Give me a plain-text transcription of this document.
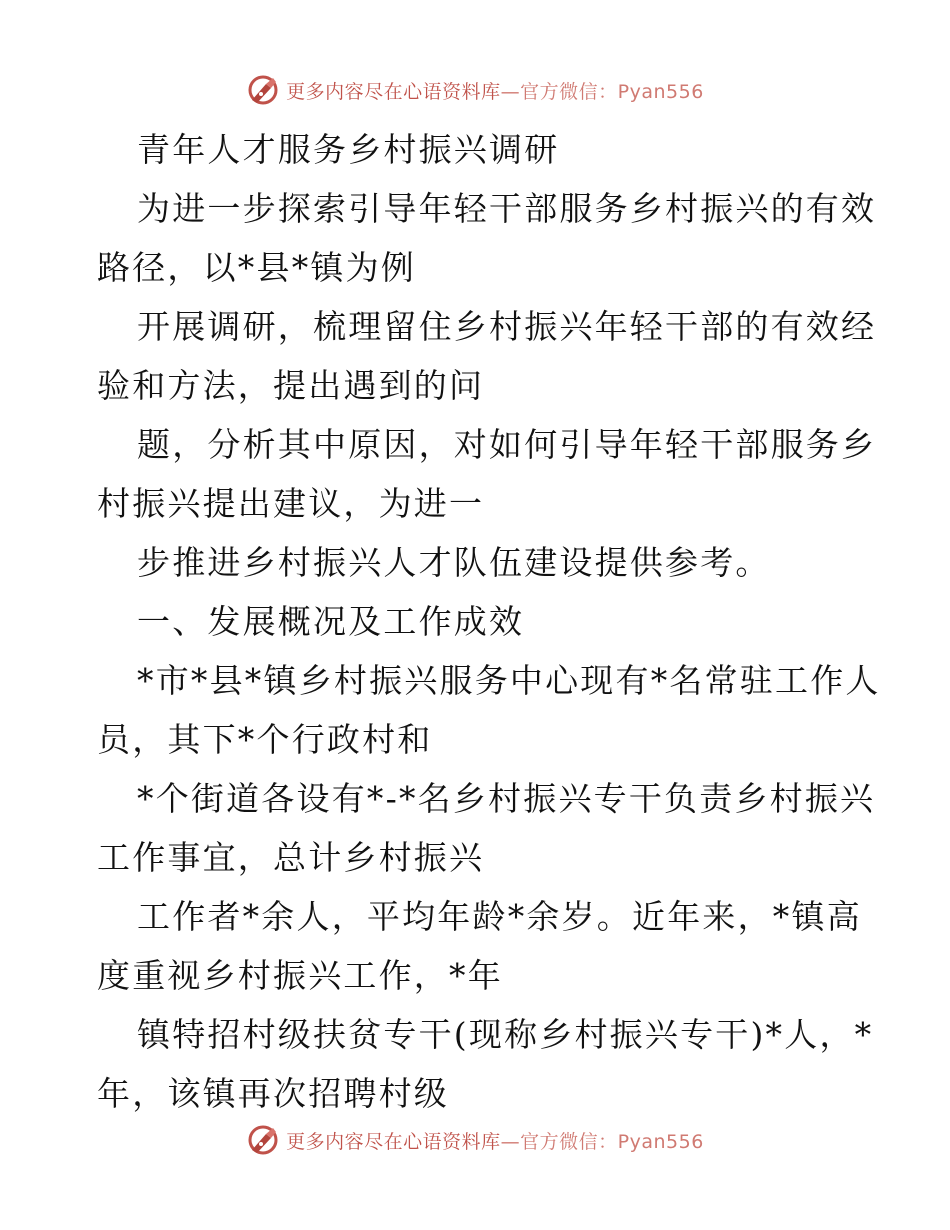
更多内容尽在心语资料库—官方微信：Pyan556

青年人才服务乡村振兴调研

为进一步探索引导年轻干部服务乡村振兴的有效

路径，以*县*镇为例

开展调研，梳理留住乡村振兴年轻干部的有效经

验和方法，提出遇到的问

题，分析其中原因，对如何引导年轻干部服务乡

村振兴提出建议，为进一

步推进乡村振兴人才队伍建设提供参考。

一、发展概况及工作成效

*市*县*镇乡村振兴服务中心现有*名常驻工作人

员，其下*个行政村和

*个街道各设有*-*名乡村振兴专干负责乡村振兴

工作事宜，总计乡村振兴

工作者*余人，平均年龄*余岁。近年来，*镇高

度重视乡村振兴工作，*年

镇特招村级扶贫专干(现称乡村振兴专干)*人，*

年，该镇再次招聘村级

更多内容尽在心语资料库—官方微信：Pyan556
